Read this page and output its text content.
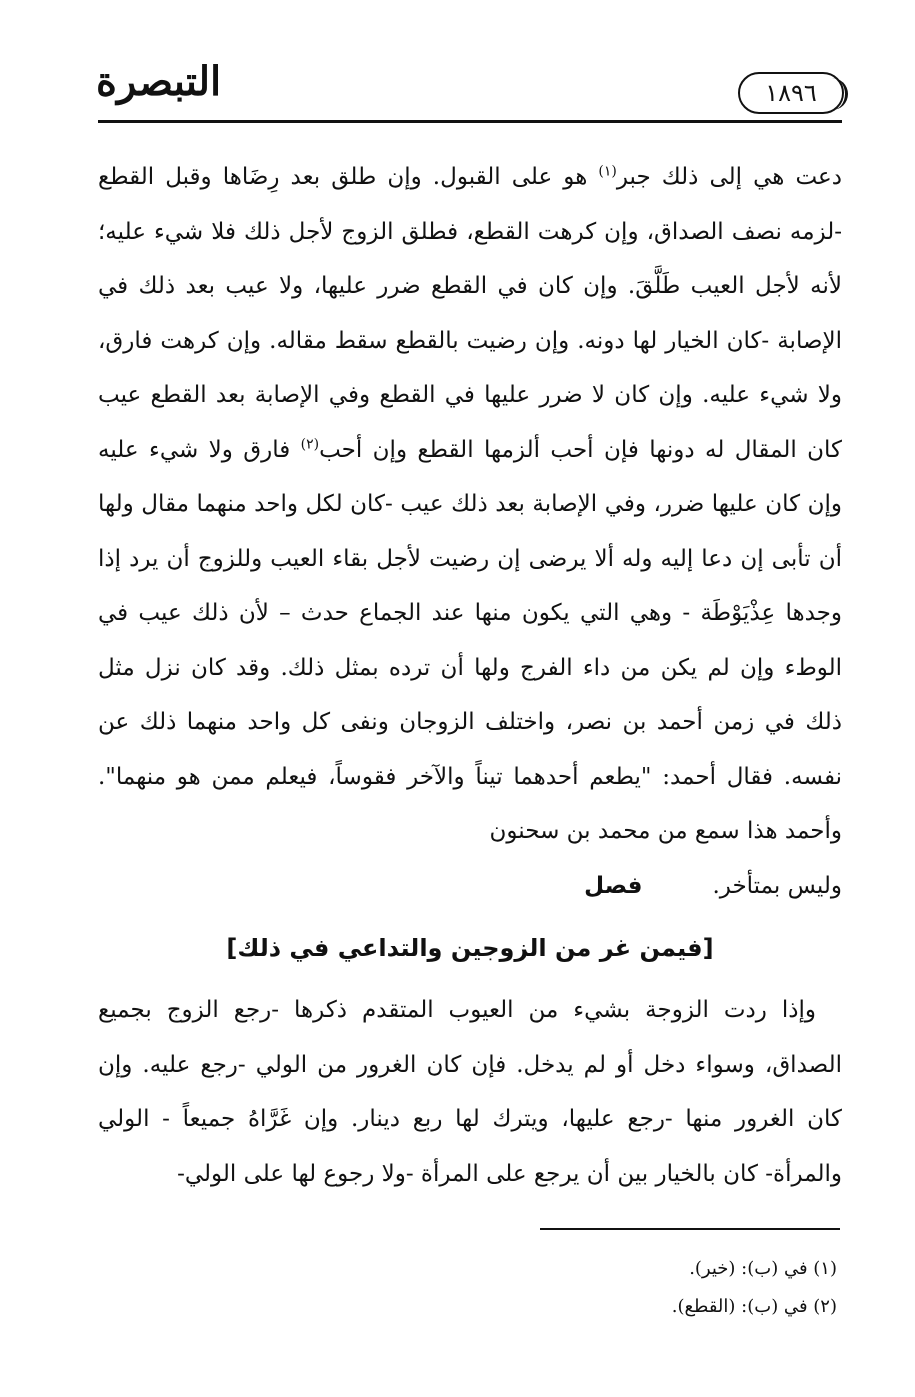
التبصرة	١٨٩٦

دعت هي إلى ذلك جبر$^{(١)}$ هو على القبول. وإن طلق بعد رِضَاها وقبل القطع -لزمه نصف الصداق، وإن كرهت القطع، فطلق الزوج لأجل ذلك فلا شيء عليه؛ لأنه لأجل العيب طَلَّقَ. وإن كان في القطع ضرر عليها، ولا عيب بعد ذلك في الإصابة -كان الخيار لها دونه. وإن رضيت بالقطع سقط مقاله. وإن كرهت فارق، ولا شيء عليه. وإن كان لا ضرر عليها في القطع وفي الإصابة بعد القطع عيب كان المقال له دونها فإن أحب ألزمها القطع وإن أحب$^{(٢)}$ فارق ولا شيء عليه وإن كان عليها ضرر، وفي الإصابة بعد ذلك عيب -كان لكل واحد منهما مقال ولها أن تأبى إن دعا إليه وله ألا يرضى إن رضيت لأجل بقاء العيب وللزوج أن يرد إذا وجدها عِذْيَوْطَة - وهي التي يكون منها عند الجماع حدث – لأن ذلك عيب في الوطء وإن لم يكن من داء الفرج ولها أن ترده بمثل ذلك. وقد كان نزل مثل ذلك في زمن أحمد بن نصر، واختلف الزوجان ونفى كل واحد منهما ذلك عن نفسه. فقال أحمد: "يطعم أحدهما تيناً والآخر فقوساً، فيعلم ممن هو منهما". وأحمد هذا سمع من محمد بن سحنون

وليس بمتأخر.
فصل
[فيمن غر من الزوجين والتداعي في ذلك]

وإذا ردت الزوجة بشيء من العيوب المتقدم ذكرها -رجع الزوج بجميع الصداق، وسواء دخل أو لم يدخل. فإن كان الغرور من الولي -رجع عليه. وإن كان الغرور منها -رجع عليها، ويترك لها ربع دينار. وإن غَرَّاهُ جميعاً - الولي والمرأة- كان بالخيار بين أن يرجع على المرأة -ولا رجوع لها على الولي-

(١) في (ب): (خير).
(٢) في (ب): (القطع).
